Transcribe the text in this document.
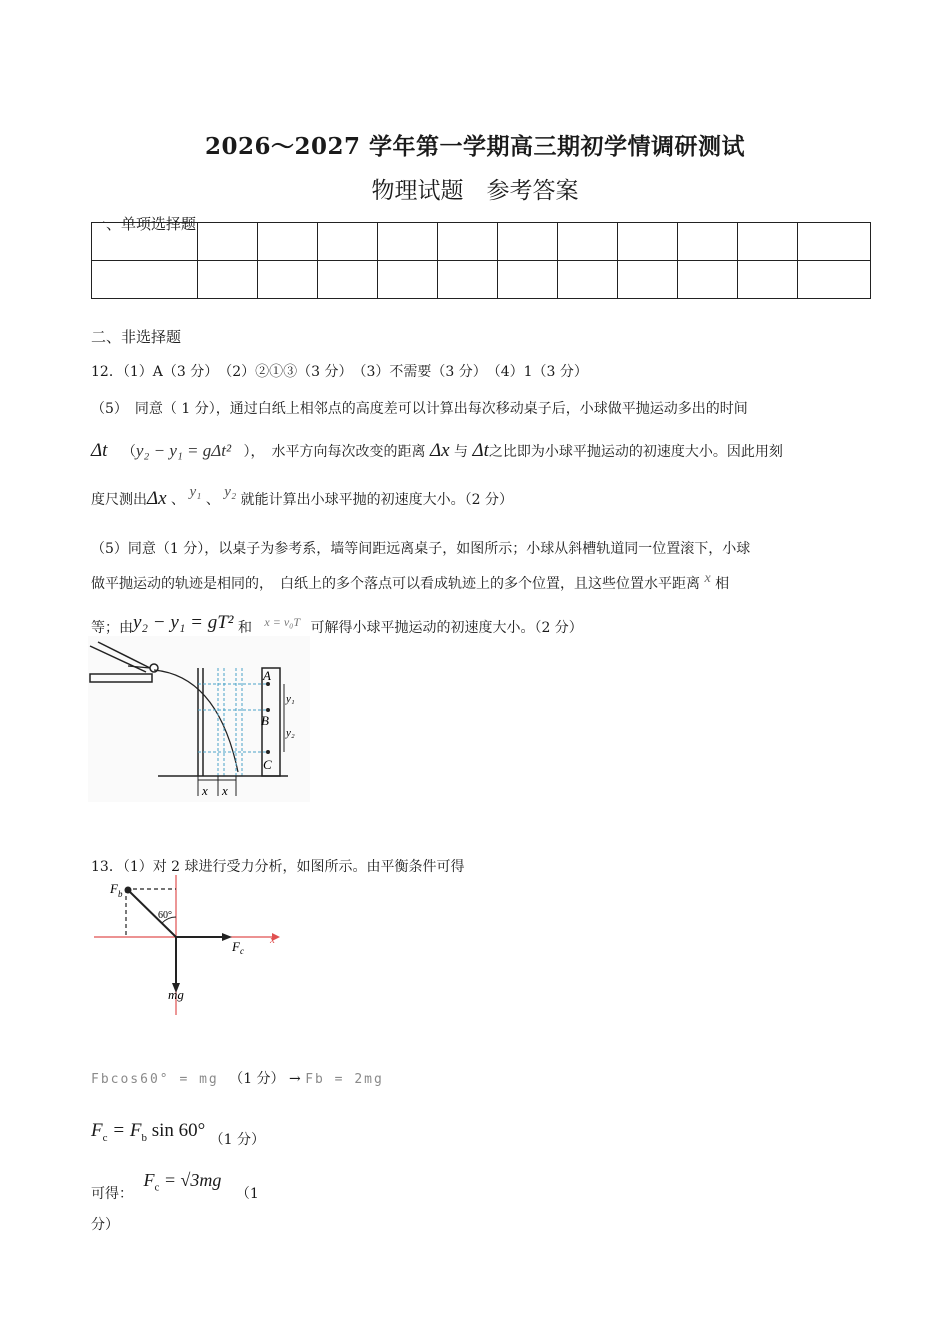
2026～2027 学年第一学期高三期初学情调研测试
物理试题　参考答案
一、单项选择题

二、非选择题
12．（1）A（3 分）　（2）②①③（3 分）　（3）不需要（3 分）　（4）1（3 分）
（5）　同意（ 1 分），通过白纸上相邻点的高度差可以计算出每次移动桌子后，小球做平抛运动多出的时间
Δt （y₂ − y₁ = gΔt² ），　水平方向每次改变的距离 Δx 与 Δt之比即为小球平抛运动的初速度大小。因此用刻
度尺测出Δx 、 y₁ 、 y₂ 就能计算出小球平抛的初速度大小。（2 分）
（5）同意（1 分），以桌子为参考系，墙等间距远离桌子，如图所示；小球从斜槽轨道同一位置滚下，小球
做平抛运动的轨迹是相同的，　白纸上的多个落点可以看成轨迹上的多个位置，且这些位置水平距离 x 相
等；由y₂ − y₁ = gT² 和 x = v₀T 可解得小球平抛运动的初速度大小。（2 分）
A
B
C
y₁
y₂
x x
13．（1）对 2 球进行受力分析，如图所示。由平衡条件可得
x
$F_b$
60°
$F_c$
mg
Fbcos60° = mg （1 分） → Fb = 2mg
$F_c = F_b$ sin 60° （1 分）
可得： $F_c = √3mg$ （1
分）
